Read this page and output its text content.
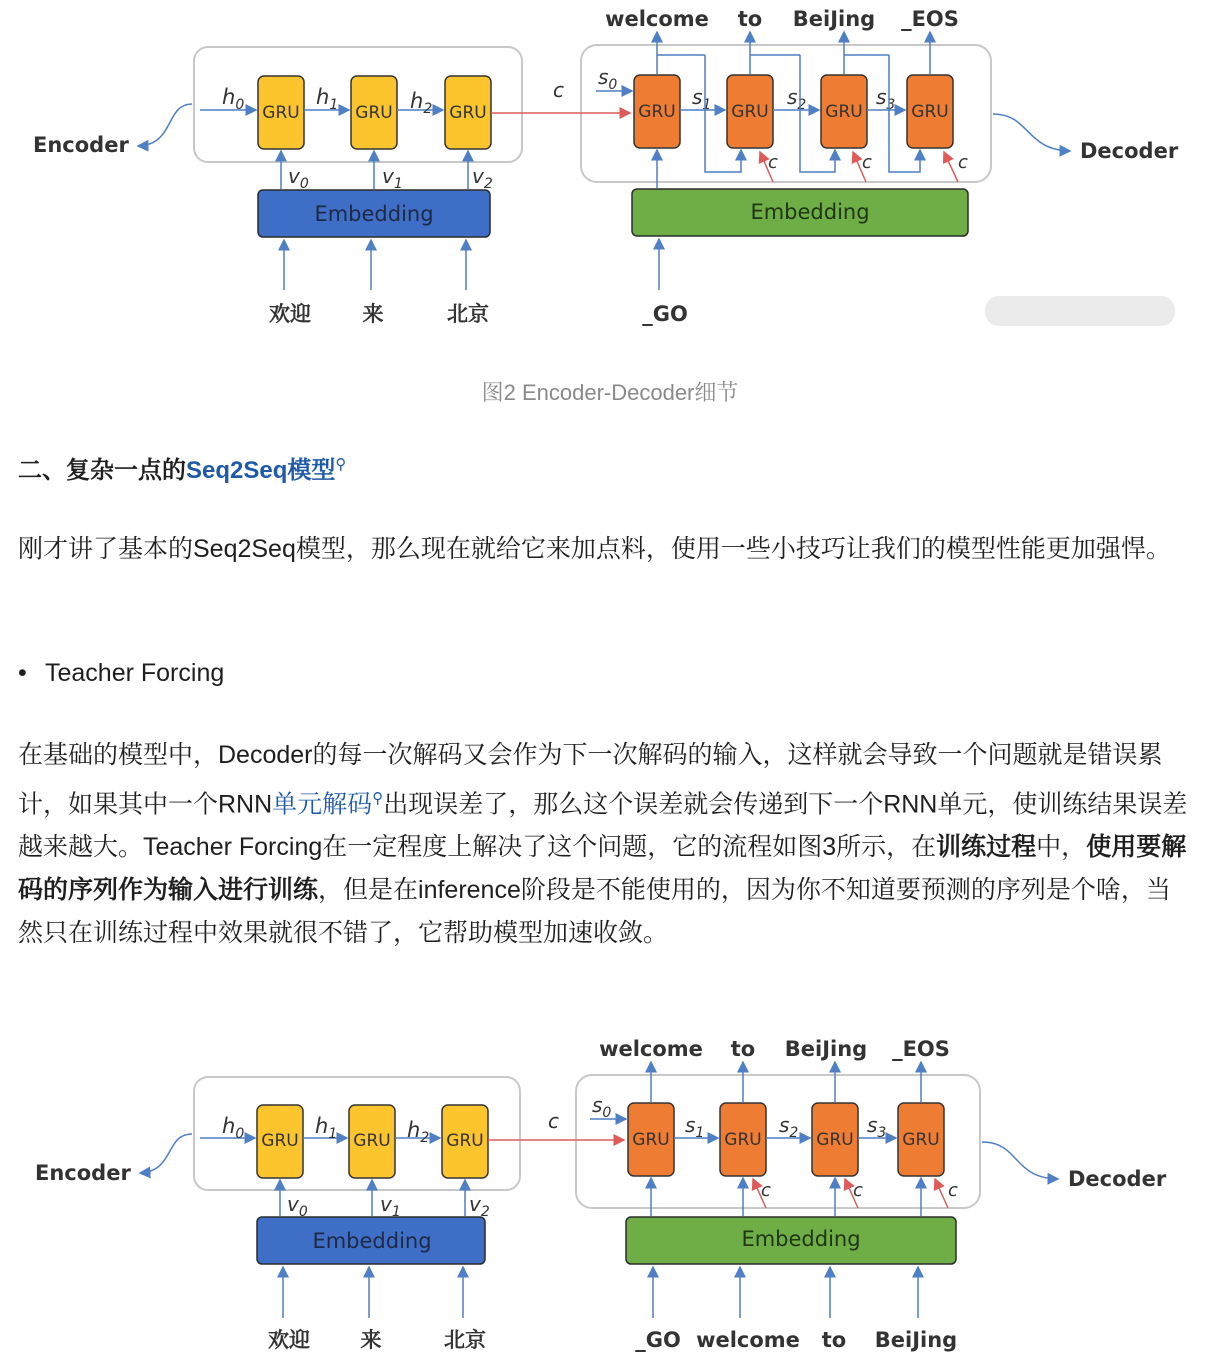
Encoder	Decoder
GRU	GRU	GRU
$h_0$	$h_1$	$h_2$
c
Embedding
$v_0$	$v_1$	$v_2$
欢迎 来	北京
GRU	GRU	GRU	GRU
$s_0$	$s_1$	$s_2$	$s_3$
c	c	c
welcome to BeiJing _EOS
Embedding
_GO
图2 Encoder-Decoder细节
二、复杂一点的Seq2Seq模型⚲
刚才讲了基本的Seq2Seq模型，那么现在就给它来加点料，使用一些小技巧让我们的模型性能更加强悍。
• Teacher Forcing
在基础的模型中，Decoder的每一次解码又会作为下一次解码的输入，这样就会导致一个问题就是错误累计，如果其中一个RNN单元解码⚲出现误差了，那么这个误差就会传递到下一个RNN单元，使训练结果误差越来越大。Teacher Forcing在一定程度上解决了这个问题，它的流程如图3所示，在训练过程中，使用要解码的序列作为输入进行训练，但是在inference阶段是不能使用的，因为你不知道要预测的序列是个啥，当然只在训练过程中效果就很不错了，它帮助模型加速收敛。
Encoder	Decoder
GRU	GRU	GRU
$h_0$	$h_1$	$h_2$
c
Embedding
$v_0$	$v_1$	$v_2$
欢迎 来	北京
GRU	GRU	GRU	GRU
$s_0$	$s_1$	$s_2$	$s_3$
c	c	c
welcome to BeiJing _EOS
Embedding
_GO welcome to BeiJing
